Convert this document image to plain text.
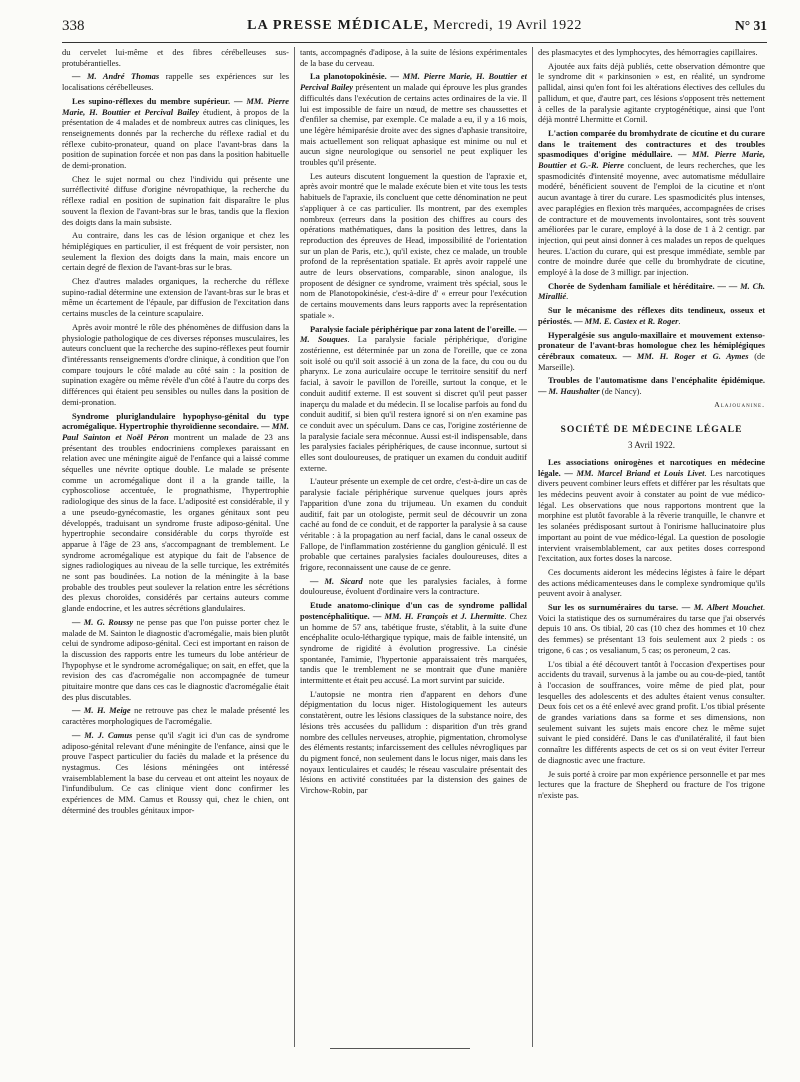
338	LA PRESSE MÉDICALE, Mercredi, 19 Avril 1922	N° 31

du cervelet lui-même et des fibres cérébelleuses sus-protubérantielles.

— M. André Thomas rappelle ses expériences sur les localisations cérébelleuses.

Les supino-réflexes du membre supérieur. — MM. Pierre Marie, H. Bouttier et Percival Bailey étudient, à propos de la présentation de 4 malades et de nombreux autres cas cliniques, les renseignements donnés par la recherche du réflexe radial et du réflexe cubito-pronateur, quand on place l'avant-bras dans la position de supination forcée et non pas dans la position habituelle de demi-pronation.

Chez le sujet normal ou chez l'individu qui présente une surréflectivité diffuse d'origine névropathique, la recherche du réflexe radial en position de supination fait disparaître le plus souvent la flexion de l'avant-bras sur le bras, tandis que la flexion des doigts dans la main subsiste.

Au contraire, dans les cas de lésion organique et chez les hémiplégiques en particulier, il est fréquent de voir persister, non seulement la flexion des doigts dans la main, mais encore un certain degré de flexion de l'avant-bras sur le bras.

Chez d'autres malades organiques, la recherche du réflexe supino-radial détermine une extension de l'avant-bras sur le bras et même un écartement de l'épaule, par diffusion de l'excitation dans certains muscles de la ceinture scapulaire.

Après avoir montré le rôle des phénomènes de diffusion dans la physiologie pathologique de ces diverses réponses musculaires, les auteurs concluent que la recherche des supino-réflexes peut fournir d'intéressants renseignements d'ordre clinique, à condition que l'on compare toujours le côté malade au côté sain : la position de supination exagère ou même révèle d'un côté à l'autre du corps des différences qui étaient peu sensibles ou nulles dans la position de demi-pronation.

Syndrome pluriglandulaire hypophyso-génital du type acromégalique. Hypertrophie thyroïdienne secondaire. — MM. Paul Sainton et Noël Péron montrent un malade de 23 ans présentant des troubles endocriniens complexes paraissant en relation avec une méningite aiguë de l'enfance qui a laissé comme séquelles une névrite optique double. Le malade se présente comme un acromégalique dont il a la grande taille, la cyphoscoliose accentuée, le prognathisme, l'hypertrophie radiologique des sinus de la face. L'adiposité est considérable, il y a une pseudo-gynécomastie, les organes génitaux sont peu développés, traduisant un syndrome fruste adiposo-génital. Une hypertrophie secondaire considérable du corps thyroïde est apparue à l'âge de 23 ans, s'accompagnant de tremblement. Le syndrome acromégalique est atypique du fait de l'absence de signes radiologiques au niveau de la selle turcique, les extrémités ne sont pas boudinées. La notion de la méningite à la base probable des troubles peut soulever la relation entre les sécrétions des plexus choroïdes, considérés par certains auteurs comme glande endocrine, et les autres sécrétions glandulaires.

— M. G. Roussy ne pense pas que l'on puisse porter chez le malade de M. Sainton le diagnostic d'acromégalie, mais bien plutôt celui de syndrome adiposo-génital. Ceci est important en raison de la discussion des rapports entre les tumeurs du lobe antérieur de l'hypophyse et le syndrome acromégalique; on sait, en effet, que la revision des cas d'acromégalie non accompagnée de tumeur pituitaire montre que dans ces cas le diagnostic d'acromégalie était des plus discutables.

— M. H. Meige ne retrouve pas chez le malade présenté les caractères morphologiques de l'acromégalie.

— M. J. Camus pense qu'il s'agit ici d'un cas de syndrome adiposo-génital relevant d'une méningite de l'enfance, ainsi que le prouve l'aspect particulier du faciès du malade et la présence du nystagmus. Ces lésions méningées ont intéressé vraisemblablement la base du cerveau et ont atteint les noyaux de l'infundibulum. Ce cas clinique vient donc confirmer les expériences de MM. Camus et Roussy qui, chez le chien, ont déterminé des troubles génitaux impor-

tants, accompagnés d'adipose, à la suite de lésions expérimentales de la base du cerveau.

La planotopokinésie. — MM. Pierre Marie, H. Bouttier et Percival Bailey présentent un malade qui éprouve les plus grandes difficultés dans l'exécution de certains actes ordinaires de la vie. Il lui est impossible de faire un nœud, de mettre ses chaussettes et d'enfiler sa chemise, par exemple. Ce malade a eu, il y a 16 mois, une légère hémiparésie droite avec des signes d'aphasie transitoire, mais actuellement son reliquat aphasique est minime ou nul et aucun signe neurologique ou sensoriel ne peut expliquer les troubles qu'il présente.

Les auteurs discutent longuement la question de l'apraxie et, après avoir montré que le malade exécute bien et vite tous les tests habituels de l'apraxie, ils concluent que cette dénomination ne peut s'appliquer à ce cas particulier. Ils montrent, par des exemples nombreux (erreurs dans la position des chiffres au cours des opérations mathématiques, dans la position des lettres, dans la reproduction des épreuves de Head, impossibilité de l'orientation sur un plan de Paris, etc.), qu'il existe, chez ce malade, un trouble profond de la représentation spatiale. Et après avoir rappelé une autre de leurs observations, comparable, sinon analogue, ils proposent de désigner ce syndrome, vraiment très spécial, sous le nom de Planotopokinésie, c'est-à-dire d' « erreur pour l'exécution de certains mouvements dans leurs rapports avec la représentation spatiale ».

Paralysie faciale périphérique par zona latent de l'oreille. — M. Souques. La paralysie faciale périphérique, d'origine zostérienne, est déterminée par un zona de l'oreille, que ce zona soit isolé ou qu'il soit associé à un zona de la face, du cou ou du pharynx. Le zona auriculaire occupe le territoire sensitif du nerf facial, à savoir le pavillon de l'oreille, surtout la conque, et le conduit auditif externe. Il est souvent si discret qu'il peut passer inaperçu du malade et du médecin. Il se localise parfois au fond du conduit auditif, si bien qu'il restera ignoré si on n'en examine pas ce conduit avec un spéculum. Dans ce cas, l'origine zostérienne de la paralysie faciale sera méconnue. Aussi est-il indispensable, dans les paralysies faciales périphériques, de cause inconnue, surtout si elles sont douloureuses, de pratiquer un examen du conduit auditif externe.

L'auteur présente un exemple de cet ordre, c'est-à-dire un cas de paralysie faciale périphérique survenue quelques jours après l'apparition d'une zona du trijumeau. Un examen du conduit auditif, fait par un otologiste, permit seul de découvrir un zona caché au fond de ce conduit, et de rapporter la paralysie à sa cause véritable : à la propagation au nerf facial, dans le canal osseux de Fallope, de l'inflammation zostérienne du ganglion géniculé. Il est probable que certaines paralysies faciales douloureuses, dites a frigore, reconnaissent une cause de ce genre.

— M. Sicard note que les paralysies faciales, à forme douloureuse, évoluent d'ordinaire vers la contracture.

Etude anatomo-clinique d'un cas de syndrome pallidal postencéphalitique. — MM. H. François et J. Lhermitte. Chez un homme de 57 ans, tabétique fruste, s'établit, à la suite d'une encéphalite oculo-léthargique typique, mais de faible intensité, un syndrome de rigidité à évolution progressive. La cinésie spontanée, l'amimie, l'hypertonie apparaissaient très marquées, tandis que le tremblement ne se montrait que d'une manière intermittente et était peu accusé. La mort survint par suicide.

L'autopsie ne montra rien d'apparent en dehors d'une dépigmentation du locus niger. Histologiquement les auteurs constatèrent, outre les lésions classiques de la substance noire, des lésions très accusées du pallidum : disparition d'un très grand nombre des cellules nerveuses, atrophie, pigmentation, chromolyse des éléments restants; infarcissement des cellules névrogliques par du pigment foncé, non seulement dans le locus niger, mais dans les noyaux lenticulaires et caudés; le réseau vasculaire présentait des lésions en activité constituées par la distension des gaines de Virchow-Robin, par

des plasmacytes et des lymphocytes, des hémorragies capillaires.

Ajoutée aux faits déjà publiés, cette observation démontre que le syndrome dit « parkinsonien » est, en réalité, un syndrome pallidal, ainsi qu'en font foi les altérations électives des cellules du pallidum, et que, d'autre part, ces lésions s'opposent très nettement à celles de la paralysie agitante cryptogénétique, ainsi que l'ont déjà montré Lhermitte et Cornil.

L'action comparée du bromhydrate de cicutine et du curare dans le traitement des contractures et des troubles spasmodiques d'origine médullaire. — MM. Pierre Marie, Bouttier et G.-R. Pierre concluent, de leurs recherches, que les spasmodicités d'intensité moyenne, avec automatisme médullaire modéré, bénéficient souvent de l'emploi de la cicutine et n'ont aucun avantage à tirer du curare. Les spasmodicités plus intenses, avec paraplégies en flexion très marquées, accompagnées de crises de contracture et de mouvements involontaires, sont très souvent améliorées par le curare, employé à la dose de 1 à 2 centigr. par injection, qui peut ainsi donner à ces malades un repos de quelques heures. L'action du curare, qui est presque immédiate, semble par contre de moindre durée que celle du bromhydrate de cicutine, employé à la dose de 3 milligr. par injection.

Chorée de Sydenham familiale et héréditaire. — — M. Ch. Mirallié.

Sur le mécanisme des réflexes dits tendineux, osseux et périostés. — MM. E. Castex et R. Roger.

Hyperalgésie sus angulo-maxillaire et mouvement extenso-pronateur de l'avant-bras homologue chez les hémiplégiques cérébraux comateux. — MM. H. Roger et G. Aymes (de Marseille).

Troubles de l'automatisme dans l'encéphalite épidémique. — M. Haushalter (de Nancy).

Alajouanine.
SOCIÉTÉ DE MÉDECINE LÉGALE
3 Avril 1922.

Les associations onirogènes et narcotiques en médecine légale. — MM. Marcel Briand et Louis Livet. Les narcotiques divers peuvent combiner leurs effets et différer par les résultats que les médecins peuvent avoir à constater au point de vue médico-légal. Les observations que nous rapportons montrent que la morphine est plutôt favorable à la rêverie tranquille, le chanvre et les solanées prédisposant surtout à l'onirisme hallucinatoire plus important au point de vue médico-légal. La question de posologie intervient vraisemblablement, car aux petites doses correspond l'excitation, aux fortes doses la narcose.

Ces documents aideront les médecins légistes à faire le départ des actions médicamenteuses dans le complexe syndromique qu'ils peuvent avoir à analyser.

Sur les os surnuméraires du tarse. — M. Albert Mouchet. Voici la statistique des os surnuméraires du tarse que j'ai observés depuis 10 ans. Os tibial, 20 cas (10 chez des hommes et 10 chez des femmes) se présentant 13 fois seulement aux 2 pieds : os trigone, 6 cas ; os vesalianum, 5 cas; os peroneum, 2 cas.

L'os tibial a été découvert tantôt à l'occasion d'expertises pour accidents du travail, survenus à la jambe ou au cou-de-pied, tantôt à l'occasion de souffrances, voire même de pied plat, pour lesquelles des adolescents et des adultes étaient venus consulter. Deux fois cet os a été enlevé avec grand profit. L'os tibial présente de grandes variations dans sa forme et ses dimensions, non seulement suivant les sujets mais encore chez le même sujet suivant le pied considéré. Dans le cas d'unilatéralité, il faut bien connaître les différents aspects de cet os si on veut éviter l'erreur de diagnostic avec une fracture.

Je suis porté à croire par mon expérience personnelle et par mes lectures que la fracture de Shepherd ou fracture de l'os trigone n'existe pas.
